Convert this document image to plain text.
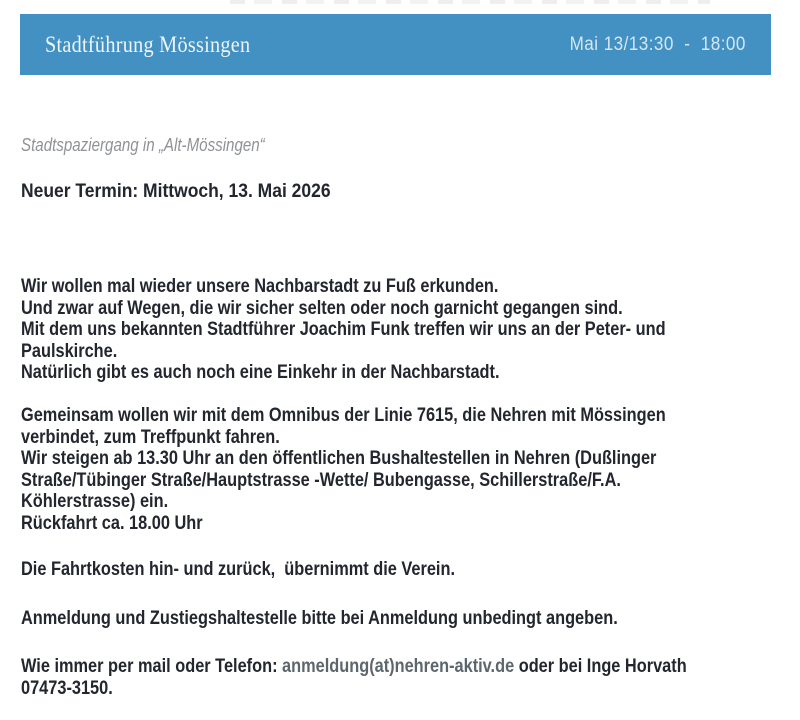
Stadtführung Mössingen	Mai 13/13:30  -  18:00
Stadtspaziergang in „Alt-Mössingen“
Neuer Termin: Mittwoch, 13. Mai 2026
Wir wollen mal wieder unsere Nachbarstadt zu Fuß erkunden.
Und zwar auf Wegen, die wir sicher selten oder noch garnicht gegangen sind.
Mit dem uns bekannten Stadtführer Joachim Funk treffen wir uns an der Peter- und
Paulskirche.
Natürlich gibt es auch noch eine Einkehr in der Nachbarstadt.
Gemeinsam wollen wir mit dem Omnibus der Linie 7615, die Nehren mit Mössingen
verbindet, zum Treffpunkt fahren.
Wir steigen ab 13.30 Uhr an den öffentlichen Bushaltestellen in Nehren (Dußlinger
Straße/Tübinger Straße/Hauptstrasse -Wette/ Bubengasse, Schillerstraße/F.A.
Köhlerstrasse) ein.
Rückfahrt ca. 18.00 Uhr
Die Fahrtkosten hin- und zurück,  übernimmt die Verein.
Anmeldung und Zustiegshaltestelle bitte bei Anmeldung unbedingt angeben.
Wie immer per mail oder Telefon: anmeldung(at)nehren-aktiv.de oder bei Inge Horvath
07473-3150.
